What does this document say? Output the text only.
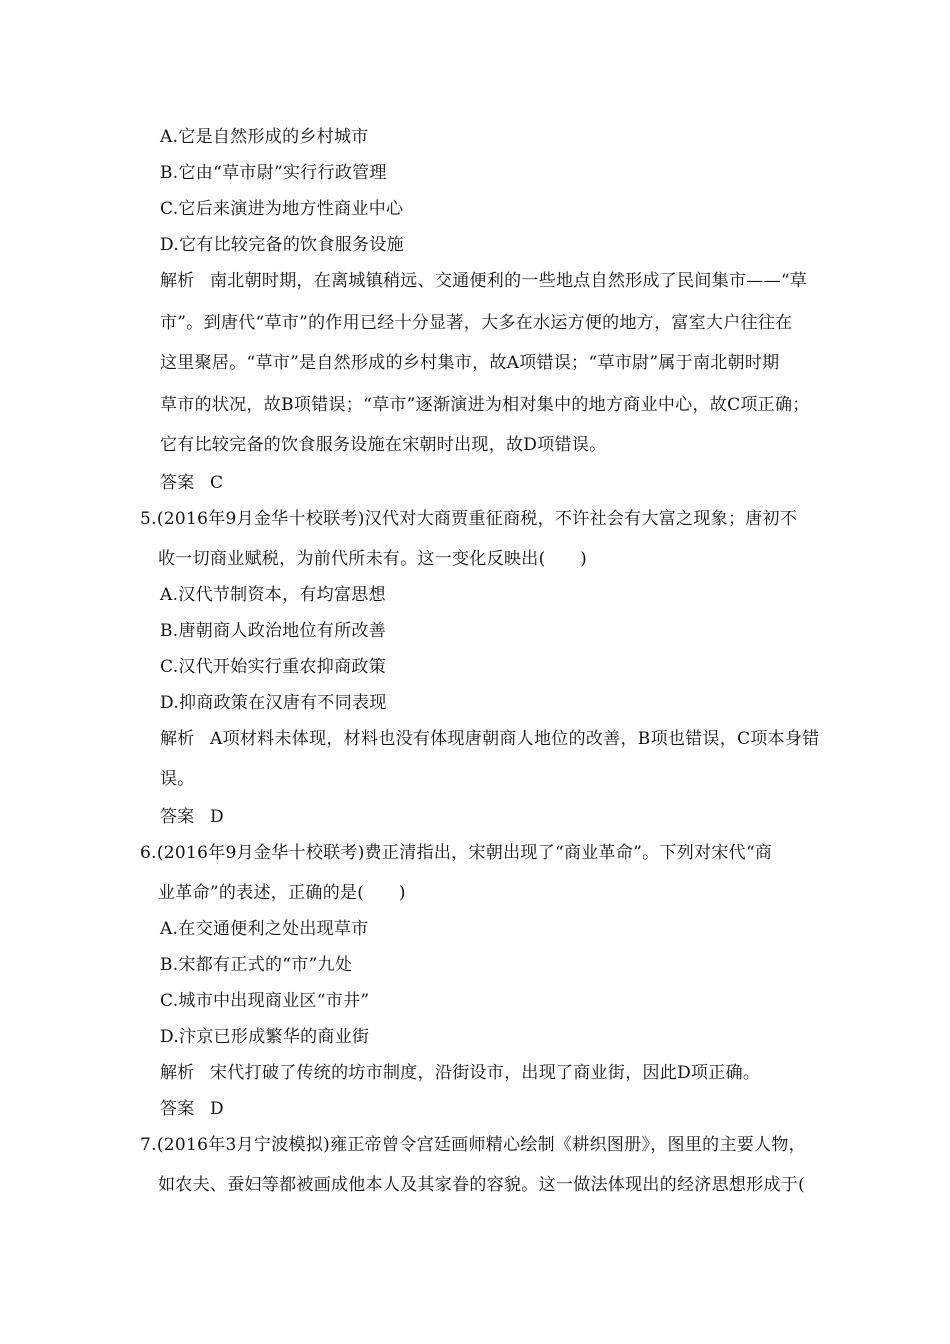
A.它是自然形成的乡村城市
B.它由“草市尉”实行行政管理
C.它后来演进为地方性商业中心
D.它有比较完备的饮食服务设施
解析 南北朝时期，在离城镇稍远、交通便利的一些地点自然形成了民间集市——“草
市”。到唐代“草市”的作用已经十分显著，大多在水运方便的地方，富室大户往往在
这里聚居。“草市”是自然形成的乡村集市，故A项错误；“草市尉”属于南北朝时期
草市的状况，故B项错误；“草市”逐渐演进为相对集中的地方商业中心，故C项正确；
它有比较完备的饮食服务设施在宋朝时出现，故D项错误。
答案 C
5.(2016年9月金华十校联考)汉代对大商贾重征商税，不许社会有大富之现象；唐初不
收一切商业赋税，为前代所未有。这一变化反映出(　　)
A.汉代节制资本，有均富思想
B.唐朝商人政治地位有所改善
C.汉代开始实行重农抑商政策
D.抑商政策在汉唐有不同表现
解析 A项材料未体现，材料也没有体现唐朝商人地位的改善，B项也错误，C项本身错
误。
答案 D
6.(2016年9月金华十校联考)费正清指出，宋朝出现了“商业革命”。下列对宋代“商
业革命”的表述，正确的是(　　)
A.在交通便利之处出现草市
B.宋都有正式的“市”九处
C.城市中出现商业区“市井”
D.汴京已形成繁华的商业街
解析 宋代打破了传统的坊市制度，沿街设市，出现了商业街，因此D项正确。
答案 D
7.(2016年3月宁波模拟)雍正帝曾令宫廷画师精心绘制《耕织图册》，图里的主要人物，
如农夫、蚕妇等都被画成他本人及其家眷的容貌。这一做法体现出的经济思想形成于(
